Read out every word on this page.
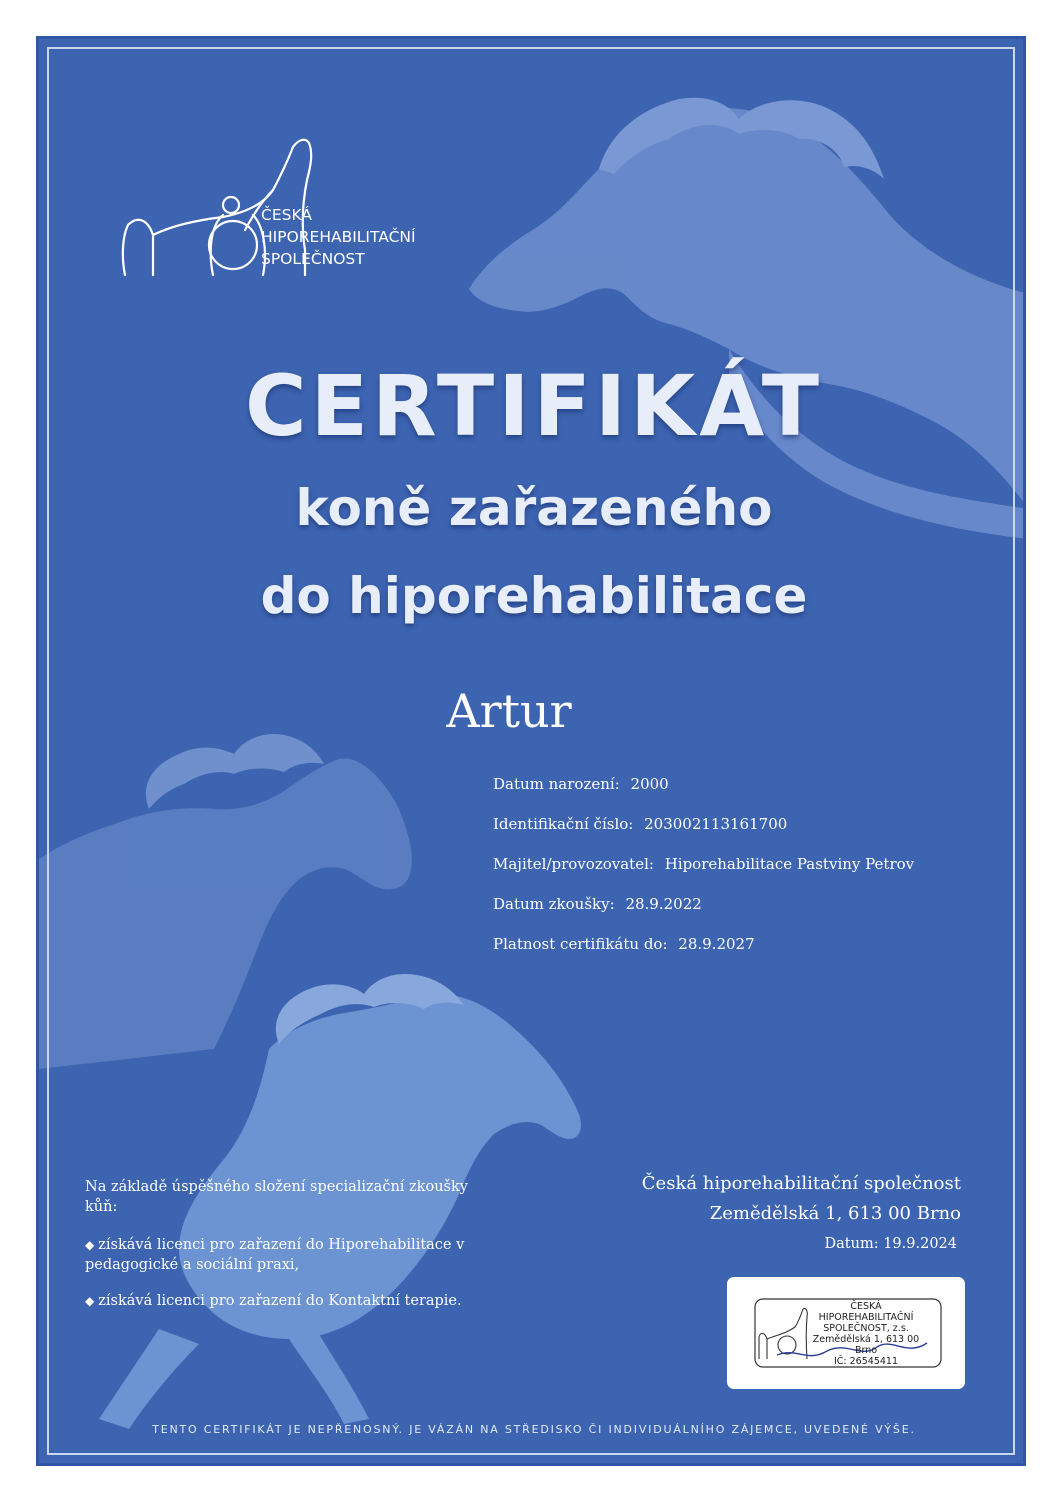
ČESKÁ
HIPOREHABILITAČNÍ
SPOLEČNOST
CERTIFIKÁT
koně zařazeného
do hiporehabilitace
Artur
Datum narození: 2000
Identifikační číslo: 203002113161700
Majitel/provozovatel: Hiporehabilitace Pastviny Petrov
Datum zkoušky: 28.9.2022
Platnost certifikátu do: 28.9.2027
Na základě úspěšného složení specializační zkoušky kůň:
◆ získává licenci pro zařazení do Hiporehabilitace v pedagogické a sociální praxi,
◆ získává licenci pro zařazení do Kontaktní terapie.
Česká hiporehabilitační společnost
Zemědělská 1, 613 00 Brno
Datum: 19.9.2024
ČESKÁ HIPOREHABILITAČNÍ
SPOLEČNOST, z.s.
Zemědělská 1, 613 00 Brno
IČ: 26545411
TENTO CERTIFIKÁT JE NEPŘENOSNÝ. JE VÁZÁN NA STŘEDISKO ČI INDIVIDUÁLNÍHO ZÁJEMCE, UVEDENÉ VÝŠE.
